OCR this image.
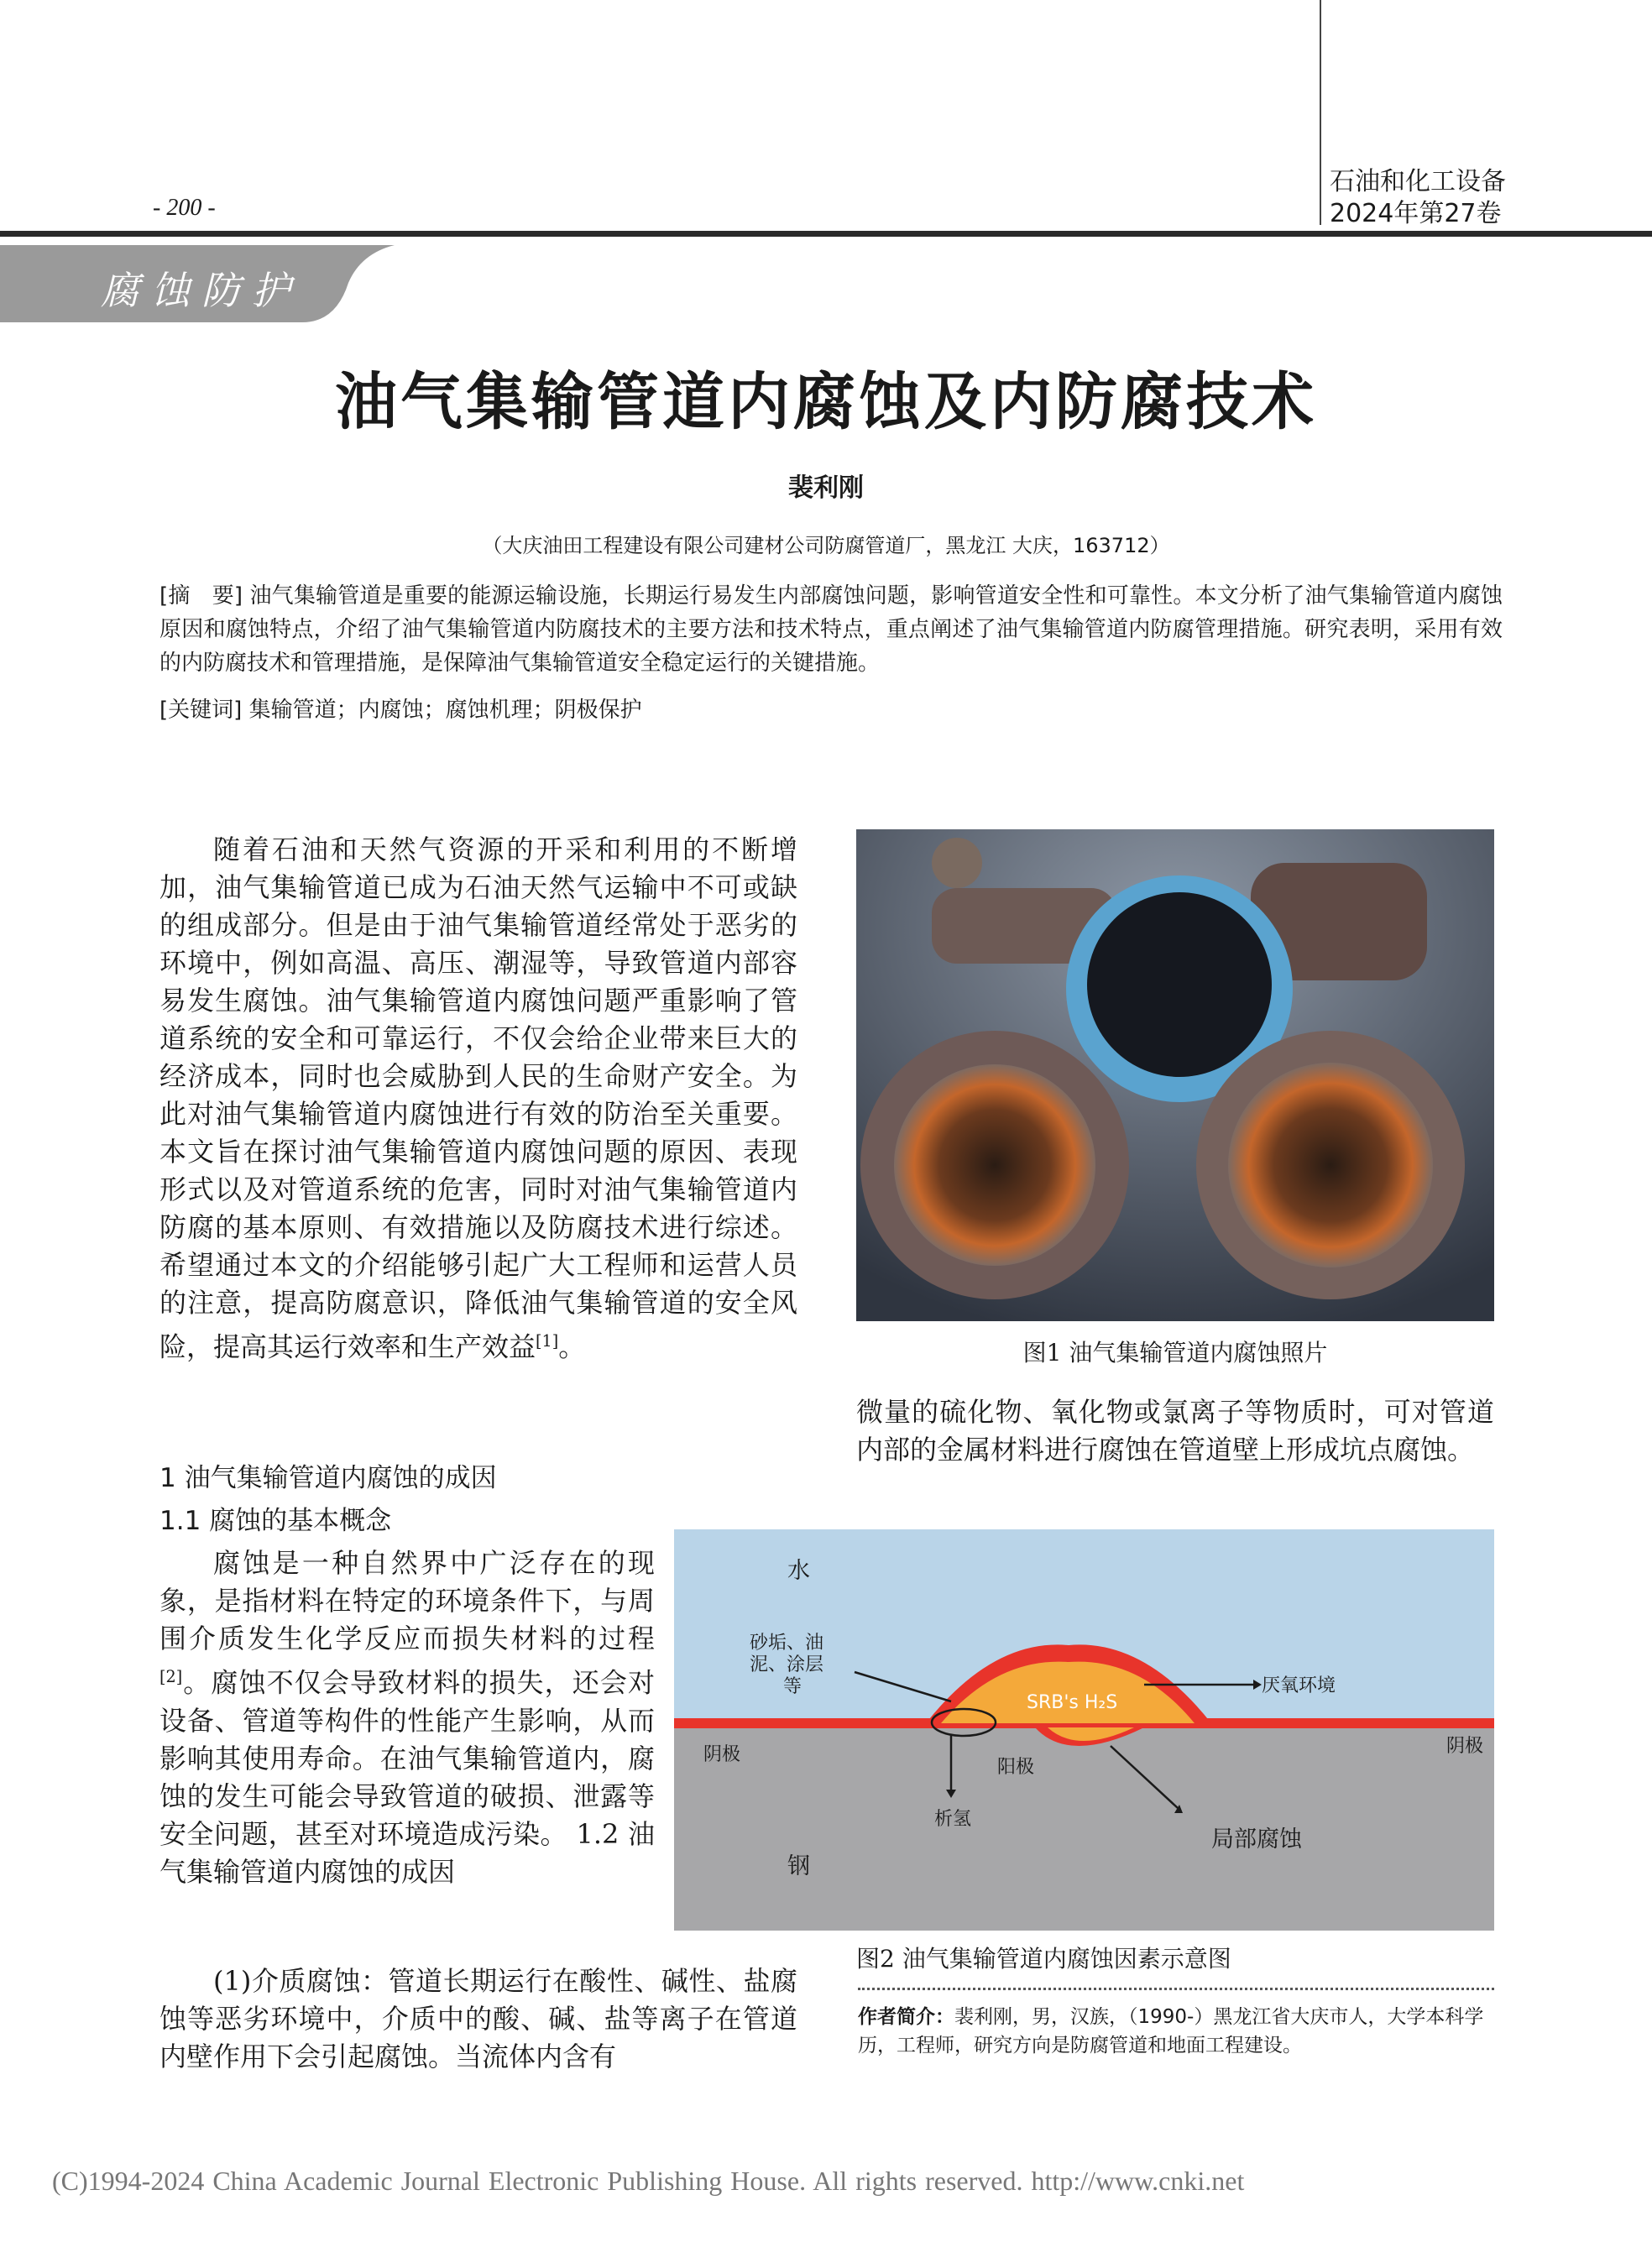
- 200 -
石油和化工设备
2024年第27卷
腐蚀防护
油气集输管道内腐蚀及内防腐技术
裴利刚
（大庆油田工程建设有限公司建材公司防腐管道厂，黑龙江 大庆，163712）
[摘　要] 油气集输管道是重要的能源运输设施，长期运行易发生内部腐蚀问题，影响管道安全性和可靠性。本文分析了油气集输管道内腐蚀原因和腐蚀特点，介绍了油气集输管道内防腐技术的主要方法和技术特点，重点阐述了油气集输管道内防腐管理措施。研究表明，采用有效的内防腐技术和管理措施，是保障油气集输管道安全稳定运行的关键措施。
[关键词] 集输管道；内腐蚀；腐蚀机理；阴极保护
随着石油和天然气资源的开采和利用的不断增加，油气集输管道已成为石油天然气运输中不可或缺的组成部分。但是由于油气集输管道经常处于恶劣的环境中，例如高温、高压、潮湿等，导致管道内部容易发生腐蚀。油气集输管道内腐蚀问题严重影响了管道系统的安全和可靠运行，不仅会给企业带来巨大的经济成本，同时也会威胁到人民的生命财产安全。为此对油气集输管道内腐蚀进行有效的防治至关重要。本文旨在探讨油气集输管道内腐蚀问题的原因、表现形式以及对管道系统的危害，同时对油气集输管道内防腐的基本原则、有效措施以及防腐技术进行综述。希望通过本文的介绍能够引起广大工程师和运营人员的注意，提高防腐意识，降低油气集输管道的安全风险，提高其运行效率和生产效益[1]。
1 油气集输管道内腐蚀的成因
1.1 腐蚀的基本概念
腐蚀是一种自然界中广泛存在的现象，是指材料在特定的环境条件下，与周围介质发生化学反应而损失材料的过程[2]。腐蚀不仅会导致材料的损失，还会对设备、管道等构件的性能产生影响，从而影响其使用寿命。在油气集输管道内，腐蚀的发生可能会导致管道的破损、泄露等安全问题，甚至对环境造成污染。 1.2 油气集输管道内腐蚀的成因
(1)介质腐蚀：管道长期运行在酸性、碱性、盐腐蚀等恶劣环境中，介质中的酸、碱、盐等离子在管道内壁作用下会引起腐蚀。当流体内含有
图1 油气集输管道内腐蚀照片
微量的硫化物、氧化物或氯离子等物质时，可对管道内部的金属材料进行腐蚀在管道壁上形成坑点腐蚀。
水
砂垢、油
泥、涂层
等	厌氧环境
SRB's H₂S
阴极	阴极
阳极
析氢
局部腐蚀
钢
图2 油气集输管道内腐蚀因素示意图
作者简介：裴利刚，男，汉族，（1990-）黑龙江省大庆市人，大学本科学历，工程师，研究方向是防腐管道和地面工程建设。
(C)1994-2024 China Academic Journal Electronic Publishing House. All rights reserved. http://www.cnki.net
